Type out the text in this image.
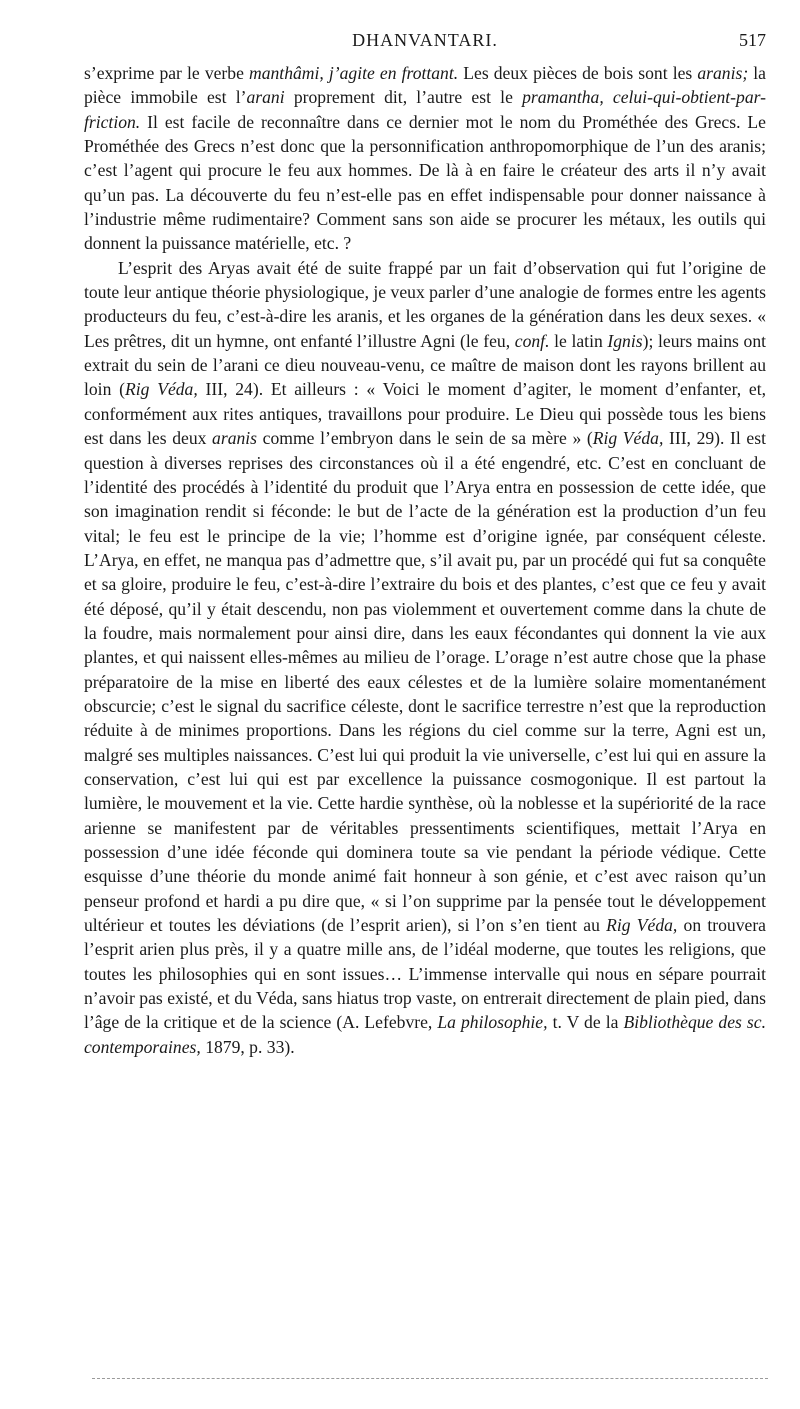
DHANVANTARI.	517

s’exprime par le verbe manthâmi, j’agite en frottant. Les deux pièces de bois sont les aranis; la pièce immobile est l’arani proprement dit, l’autre est le pramantha, celui-qui-obtient-par-friction. Il est facile de reconnaître dans ce dernier mot le nom du Prométhée des Grecs. Le Prométhée des Grecs n’est donc que la personnification anthropomorphique de l’un des aranis; c’est l’agent qui procure le feu aux hommes. De là à en faire le créateur des arts il n’y avait qu’un pas. La découverte du feu n’est-elle pas en effet indispensable pour donner naissance à l’industrie même rudimentaire? Comment sans son aide se procurer les métaux, les outils qui donnent la puissance matérielle, etc. ?

L’esprit des Aryas avait été de suite frappé par un fait d’observation qui fut l’origine de toute leur antique théorie physiologique, je veux parler d’une analogie de formes entre les agents producteurs du feu, c’est-à-dire les aranis, et les organes de la génération dans les deux sexes. « Les prêtres, dit un hymne, ont enfanté l’illustre Agni (le feu, conf. le latin Ignis); leurs mains ont extrait du sein de l’arani ce dieu nouveau-venu, ce maître de maison dont les rayons brillent au loin (Rig Véda, III, 24). Et ailleurs : « Voici le moment d’agiter, le moment d’enfanter, et, conformément aux rites antiques, travaillons pour produire. Le Dieu qui possède tous les biens est dans les deux aranis comme l’embryon dans le sein de sa mère » (Rig Véda, III, 29). Il est question à diverses reprises des circonstances où il a été engendré, etc. C’est en concluant de l’identité des procédés à l’identité du produit que l’Arya entra en possession de cette idée, que son imagination rendit si féconde: le but de l’acte de la génération est la production d’un feu vital; le feu est le principe de la vie; l’homme est d’origine ignée, par conséquent céleste. L’Arya, en effet, ne manqua pas d’admettre que, s’il avait pu, par un procédé qui fut sa conquête et sa gloire, produire le feu, c’est-à-dire l’extraire du bois et des plantes, c’est que ce feu y avait été déposé, qu’il y était descendu, non pas violemment et ouvertement comme dans la chute de la foudre, mais normalement pour ainsi dire, dans les eaux fécondantes qui donnent la vie aux plantes, et qui naissent elles-mêmes au milieu de l’orage. L’orage n’est autre chose que la phase préparatoire de la mise en liberté des eaux célestes et de la lumière solaire momentanément obscurcie; c’est le signal du sacrifice céleste, dont le sacrifice terrestre n’est que la reproduction réduite à de minimes proportions. Dans les régions du ciel comme sur la terre, Agni est un, malgré ses multiples naissances. C’est lui qui produit la vie universelle, c’est lui qui en assure la conservation, c’est lui qui est par excellence la puissance cosmogonique. Il est partout la lumière, le mouvement et la vie. Cette hardie synthèse, où la noblesse et la supériorité de la race arienne se manifestent par de véritables pressentiments scientifiques, mettait l’Arya en possession d’une idée féconde qui dominera toute sa vie pendant la période védique. Cette esquisse d’une théorie du monde animé fait honneur à son génie, et c’est avec raison qu’un penseur profond et hardi a pu dire que, « si l’on supprime par la pensée tout le développement ultérieur et toutes les déviations (de l’esprit arien), si l’on s’en tient au Rig Véda, on trouvera l’esprit arien plus près, il y a quatre mille ans, de l’idéal moderne, que toutes les religions, que toutes les philosophies qui en sont issues… L’immense intervalle qui nous en sépare pourrait n’avoir pas existé, et du Véda, sans hiatus trop vaste, on entrerait directement de plain pied, dans l’âge de la critique et de la science (A. Lefebvre, La philosophie, t. V de la Bibliothèque des sc. contemporaines, 1879, p. 33).
